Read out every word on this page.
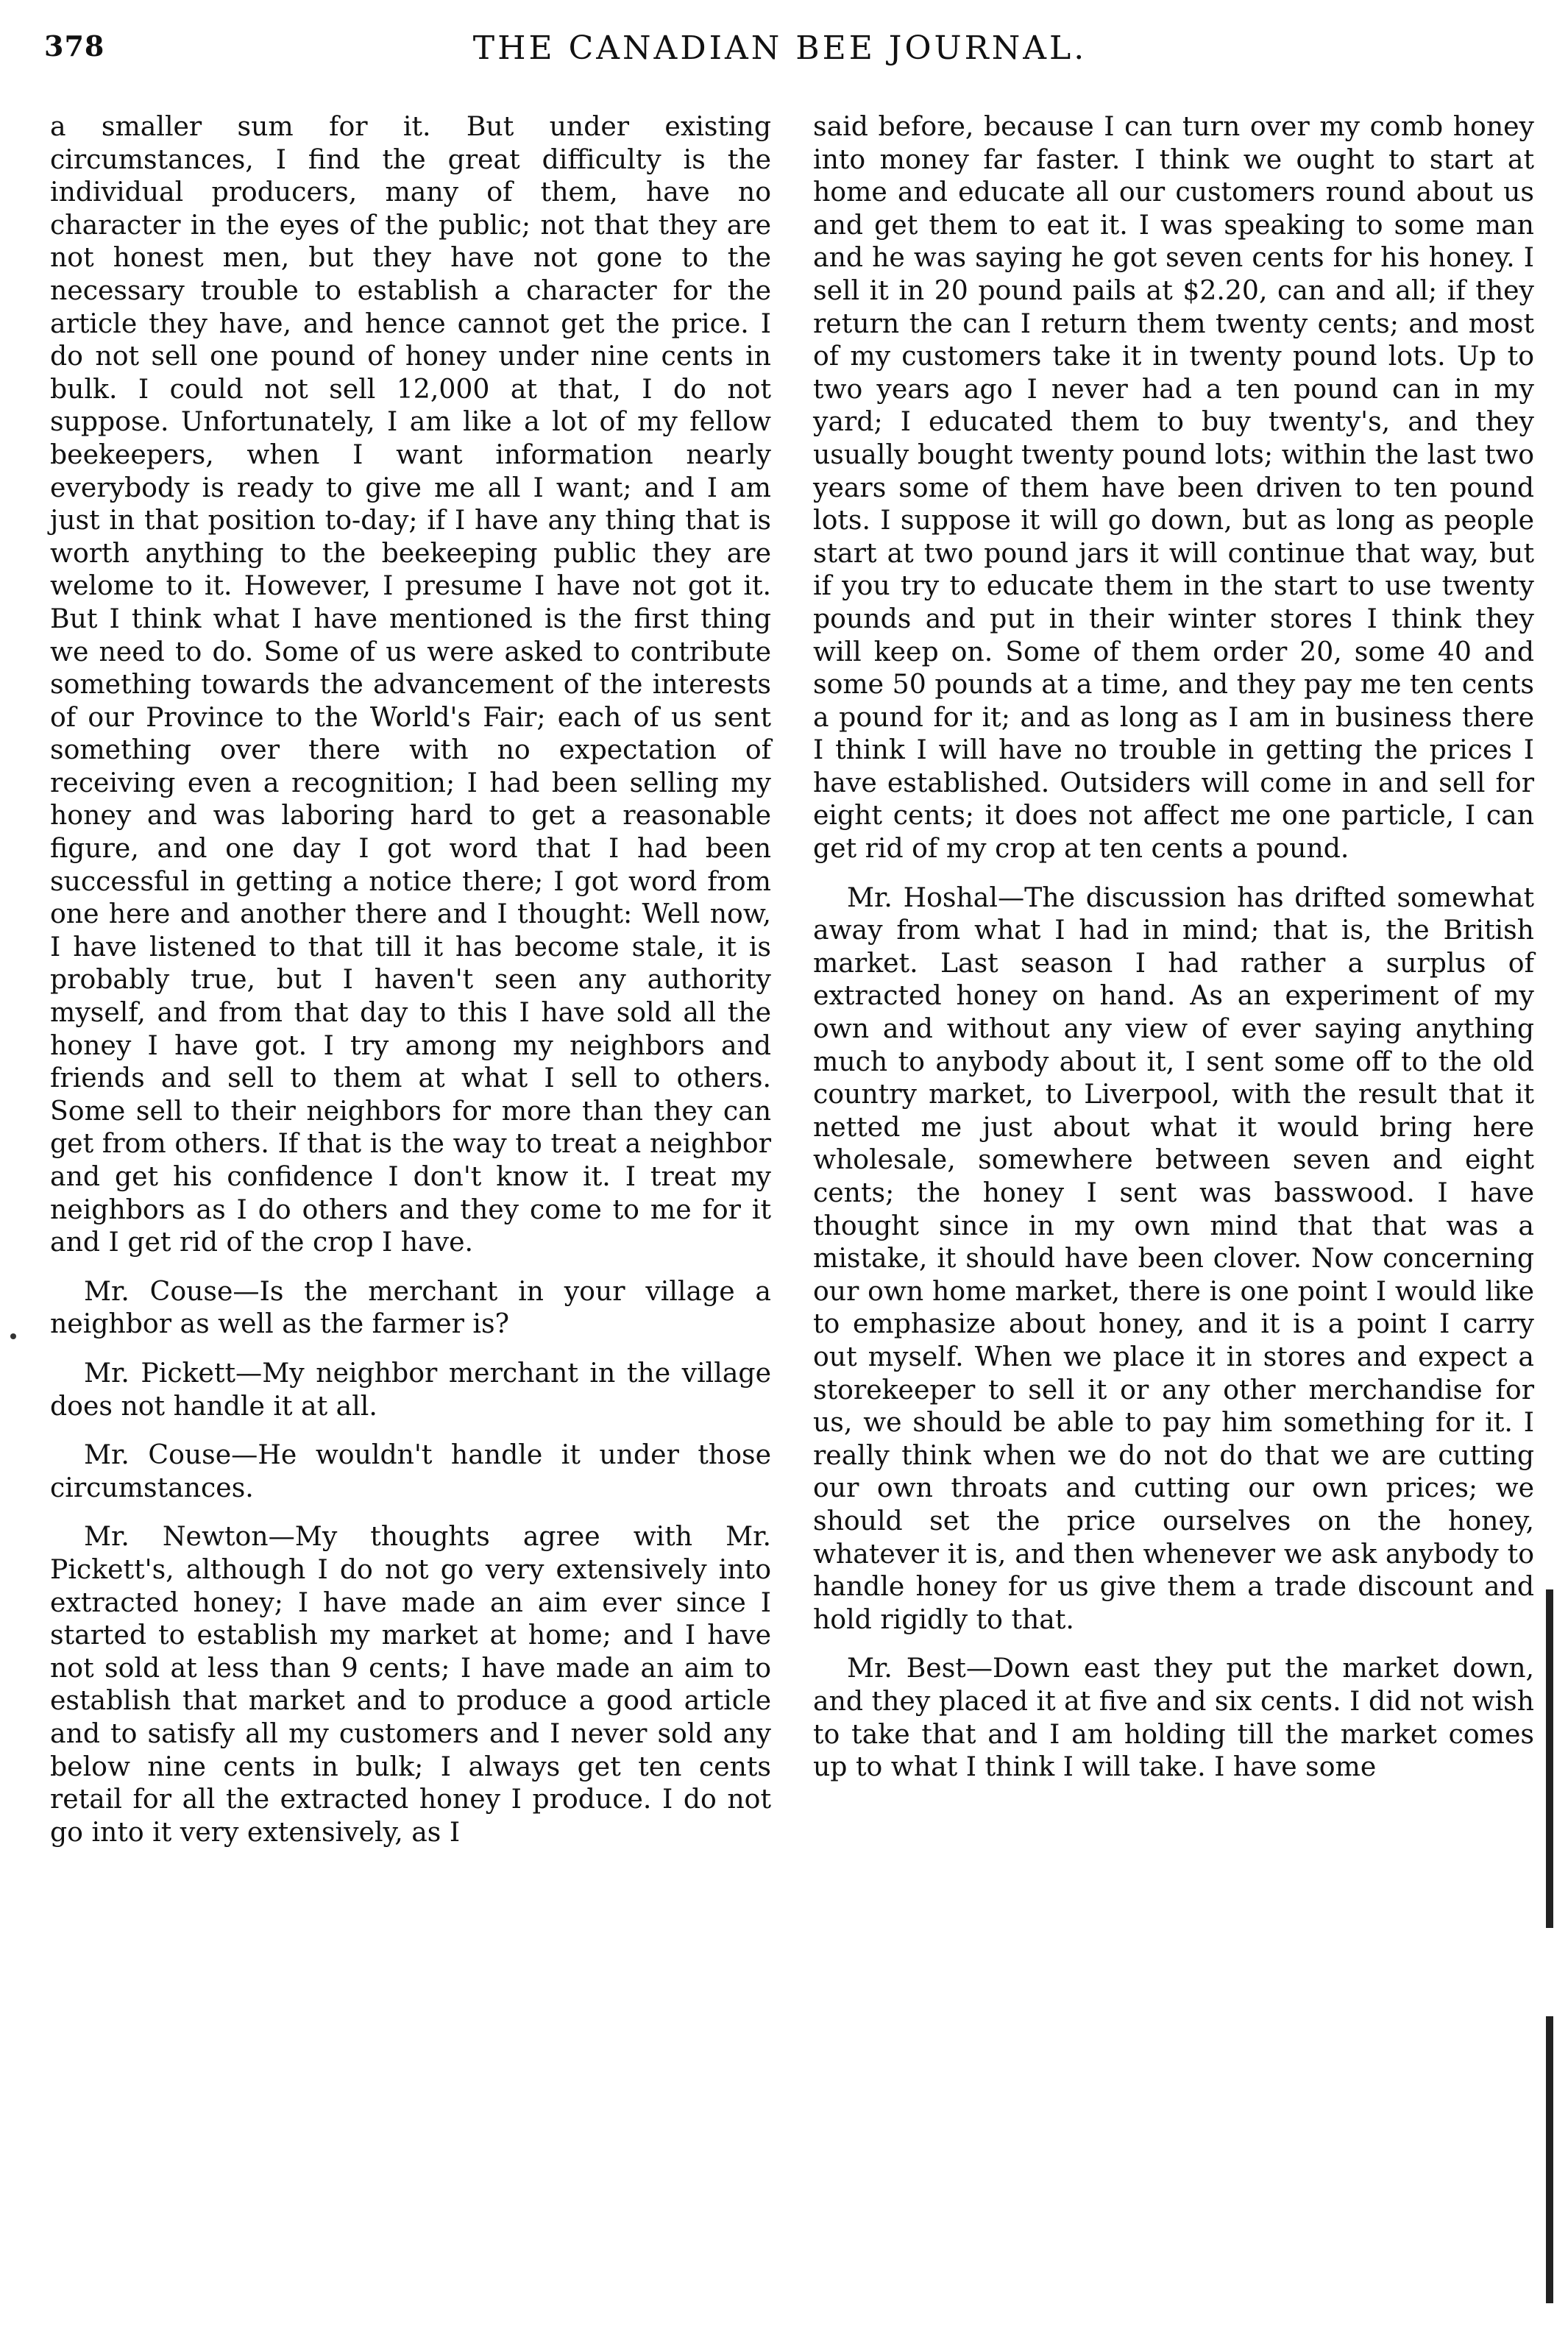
378	THE CANADIAN BEE JOURNAL.

a smaller sum for it. But under existing circumstances, I find the great difficulty is the individual producers, many of them, have no character in the eyes of the public; not that they are not honest men, but they have not gone to the necessary trouble to establish a character for the article they have, and hence cannot get the price. I do not sell one pound of honey under nine cents in bulk. I could not sell 12,000 at that, I do not suppose. Unfortunately, I am like a lot of my fellow beekeepers, when I want information nearly everybody is ready to give me all I want; and I am just in that position to-day; if I have any thing that is worth anything to the beekeeping public they are welome to it. However, I presume I have not got it. But I think what I have mentioned is the first thing we need to do. Some of us were asked to contribute something towards the advancement of the interests of our Province to the World's Fair; each of us sent something over there with no expectation of receiving even a recognition; I had been selling my honey and was laboring hard to get a reasonable figure, and one day I got word that I had been successful in getting a notice there; I got word from one here and another there and I thought: Well now, I have listened to that till it has become stale, it is probably true, but I haven't seen any authority myself, and from that day to this I have sold all the honey I have got. I try among my neighbors and friends and sell to them at what I sell to others. Some sell to their neighbors for more than they can get from others. If that is the way to treat a neighbor and get his confidence I don't know it. I treat my neighbors as I do others and they come to me for it and I get rid of the crop I have.

Mr. Couse—Is the merchant in your village a neighbor as well as the farmer is?

Mr. Pickett—My neighbor merchant in the village does not handle it at all.

Mr. Couse—He wouldn't handle it under those circumstances.

Mr. Newton—My thoughts agree with Mr. Pickett's, although I do not go very extensively into extracted honey; I have made an aim ever since I started to establish my market at home; and I have not sold at less than 9 cents; I have made an aim to establish that market and to produce a good article and to satisfy all my customers and I never sold any below nine cents in bulk; I always get ten cents retail for all the extracted honey I produce. I do not go into it very extensively, as I

said before, because I can turn over my comb honey into money far faster. I think we ought to start at home and educate all our customers round about us and get them to eat it. I was speaking to some man and he was saying he got seven cents for his honey. I sell it in 20 pound pails at $2.20, can and all; if they return the can I return them twenty cents; and most of my customers take it in twenty pound lots. Up to two years ago I never had a ten pound can in my yard; I educated them to buy twenty's, and they usually bought twenty pound lots; within the last two years some of them have been driven to ten pound lots. I suppose it will go down, but as long as people start at two pound jars it will continue that way, but if you try to educate them in the start to use twenty pounds and put in their winter stores I think they will keep on. Some of them order 20, some 40 and some 50 pounds at a time, and they pay me ten cents a pound for it; and as long as I am in business there I think I will have no trouble in getting the prices I have established. Outsiders will come in and sell for eight cents; it does not affect me one particle, I can get rid of my crop at ten cents a pound.

Mr. Hoshal—The discussion has drifted somewhat away from what I had in mind; that is, the British market. Last season I had rather a surplus of extracted honey on hand. As an experiment of my own and without any view of ever saying anything much to anybody about it, I sent some off to the old country market, to Liverpool, with the result that it netted me just about what it would bring here wholesale, somewhere between seven and eight cents; the honey I sent was basswood. I have thought since in my own mind that that was a mistake, it should have been clover. Now concerning our own home market, there is one point I would like to emphasize about honey, and it is a point I carry out myself. When we place it in stores and expect a storekeeper to sell it or any other merchandise for us, we should be able to pay him something for it. I really think when we do not do that we are cutting our own throats and cutting our own prices; we should set the price ourselves on the honey, whatever it is, and then whenever we ask anybody to handle honey for us give them a trade discount and hold rigidly to that.

Mr. Best—Down east they put the market down, and they placed it at five and six cents. I did not wish to take that and I am holding till the market comes up to what I think I will take. I have some
